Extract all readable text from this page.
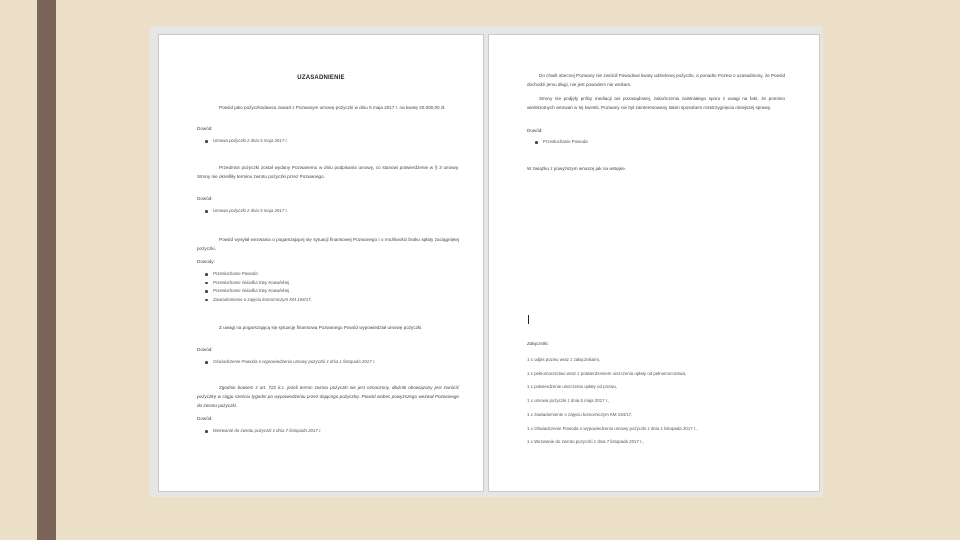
UZASADNIENIE
Powód jako pożyczkodawca zawarł z Pozwanym umowę pożyczki w dniu 5 maja 2017 r. na kwotę 20.000,00 zł.
Dowód:
Umowa pożyczki z dnia 5 maja 2017 r.
Przedmiot pożyczki został wydany Pozwanemu w dniu podpisania umowy, co stanowi potwierdzenie w § 3 umowy. Strony nie określiły terminu zwrotu pożyczki przez Pozwanego.
Dowód:
Umowa pożyczki z dnia 5 maja 2017 r.
Powód wysyłał wezwania o pogarszającej się sytuacji finansowej Pozwanego i o możliwości braku spłaty zaciągniętej pożyczki.
Dowody:
Przesłuchanie Powoda
Przesłuchanie świadka Ewy Kowalskiej
Przesłuchanie świadka Ewy Kowalskiej
Zawiadomienie o zajęciu komorniczym KM 194/17,
Z uwagi na pogarszającą się sytuację finansową Pozwanego Powód wypowiedział umowę pożyczki.
Dowód:
Oświadczenie Powoda o wypowiedzeniu umowy pożyczki z dnia 1 listopada 2017 r.
Zgodnie bowiem z art. 722 k.c. jeżeli termin zwrotu pożyczki nie jest oznaczony, dłużnik obowiązany jest zwrócić pożyczkę w ciągu sześciu tygodni po wypowiedzeniu przez dającego pożyczkę. Powód wobec powyższego wezwał Pozwanego do zwrotu pożyczki.
Dowód:
Wezwanie do zwrotu pożyczki z dnia 7 listopada 2017 r.
Do chwili obecnej Pozwany nie zwrócił Powodowi kwoty udzielonej pożyczki, a ponadto Pozew o uzasadniony, że Powód dochodzi jemu długi, nie jest powodem nie wnikam.
Strony nie podjęły próby mediacji ani pozasądowej, zakończenia zaistniałego sporu z uwagi na fakt, że pomimo wielokrotnych wezwań w tej kwestii, Pozwany nie był zainteresowany takim sposobem rozstrzygnięcia niniejszej sprawy.
Dowód:
Przesłuchanie Powoda
W związku z powyższym wnoszę jak na wstępie.
Załączniki:
1 x odpis pozwu wraz z załącznikami,
1 x pełnomocnictwo wraz z potwierdzeniem uiszczenia opłaty od pełnomocnictwa,
1 x potwierdzenie uiszczenia opłaty od pozwu,
1 x umowa pożyczki z dnia 5 maja 2017 r.,
1 x zawiadomienie o zajęciu komorniczym KM 194/17,
1 x Oświadczenie Powoda o wypowiedzeniu umowy pożyczki z dnia 1 listopada 2017 r.,
1 x Wezwanie do zwrotu pożyczki z dnia 7 listopada 2017 r.,
